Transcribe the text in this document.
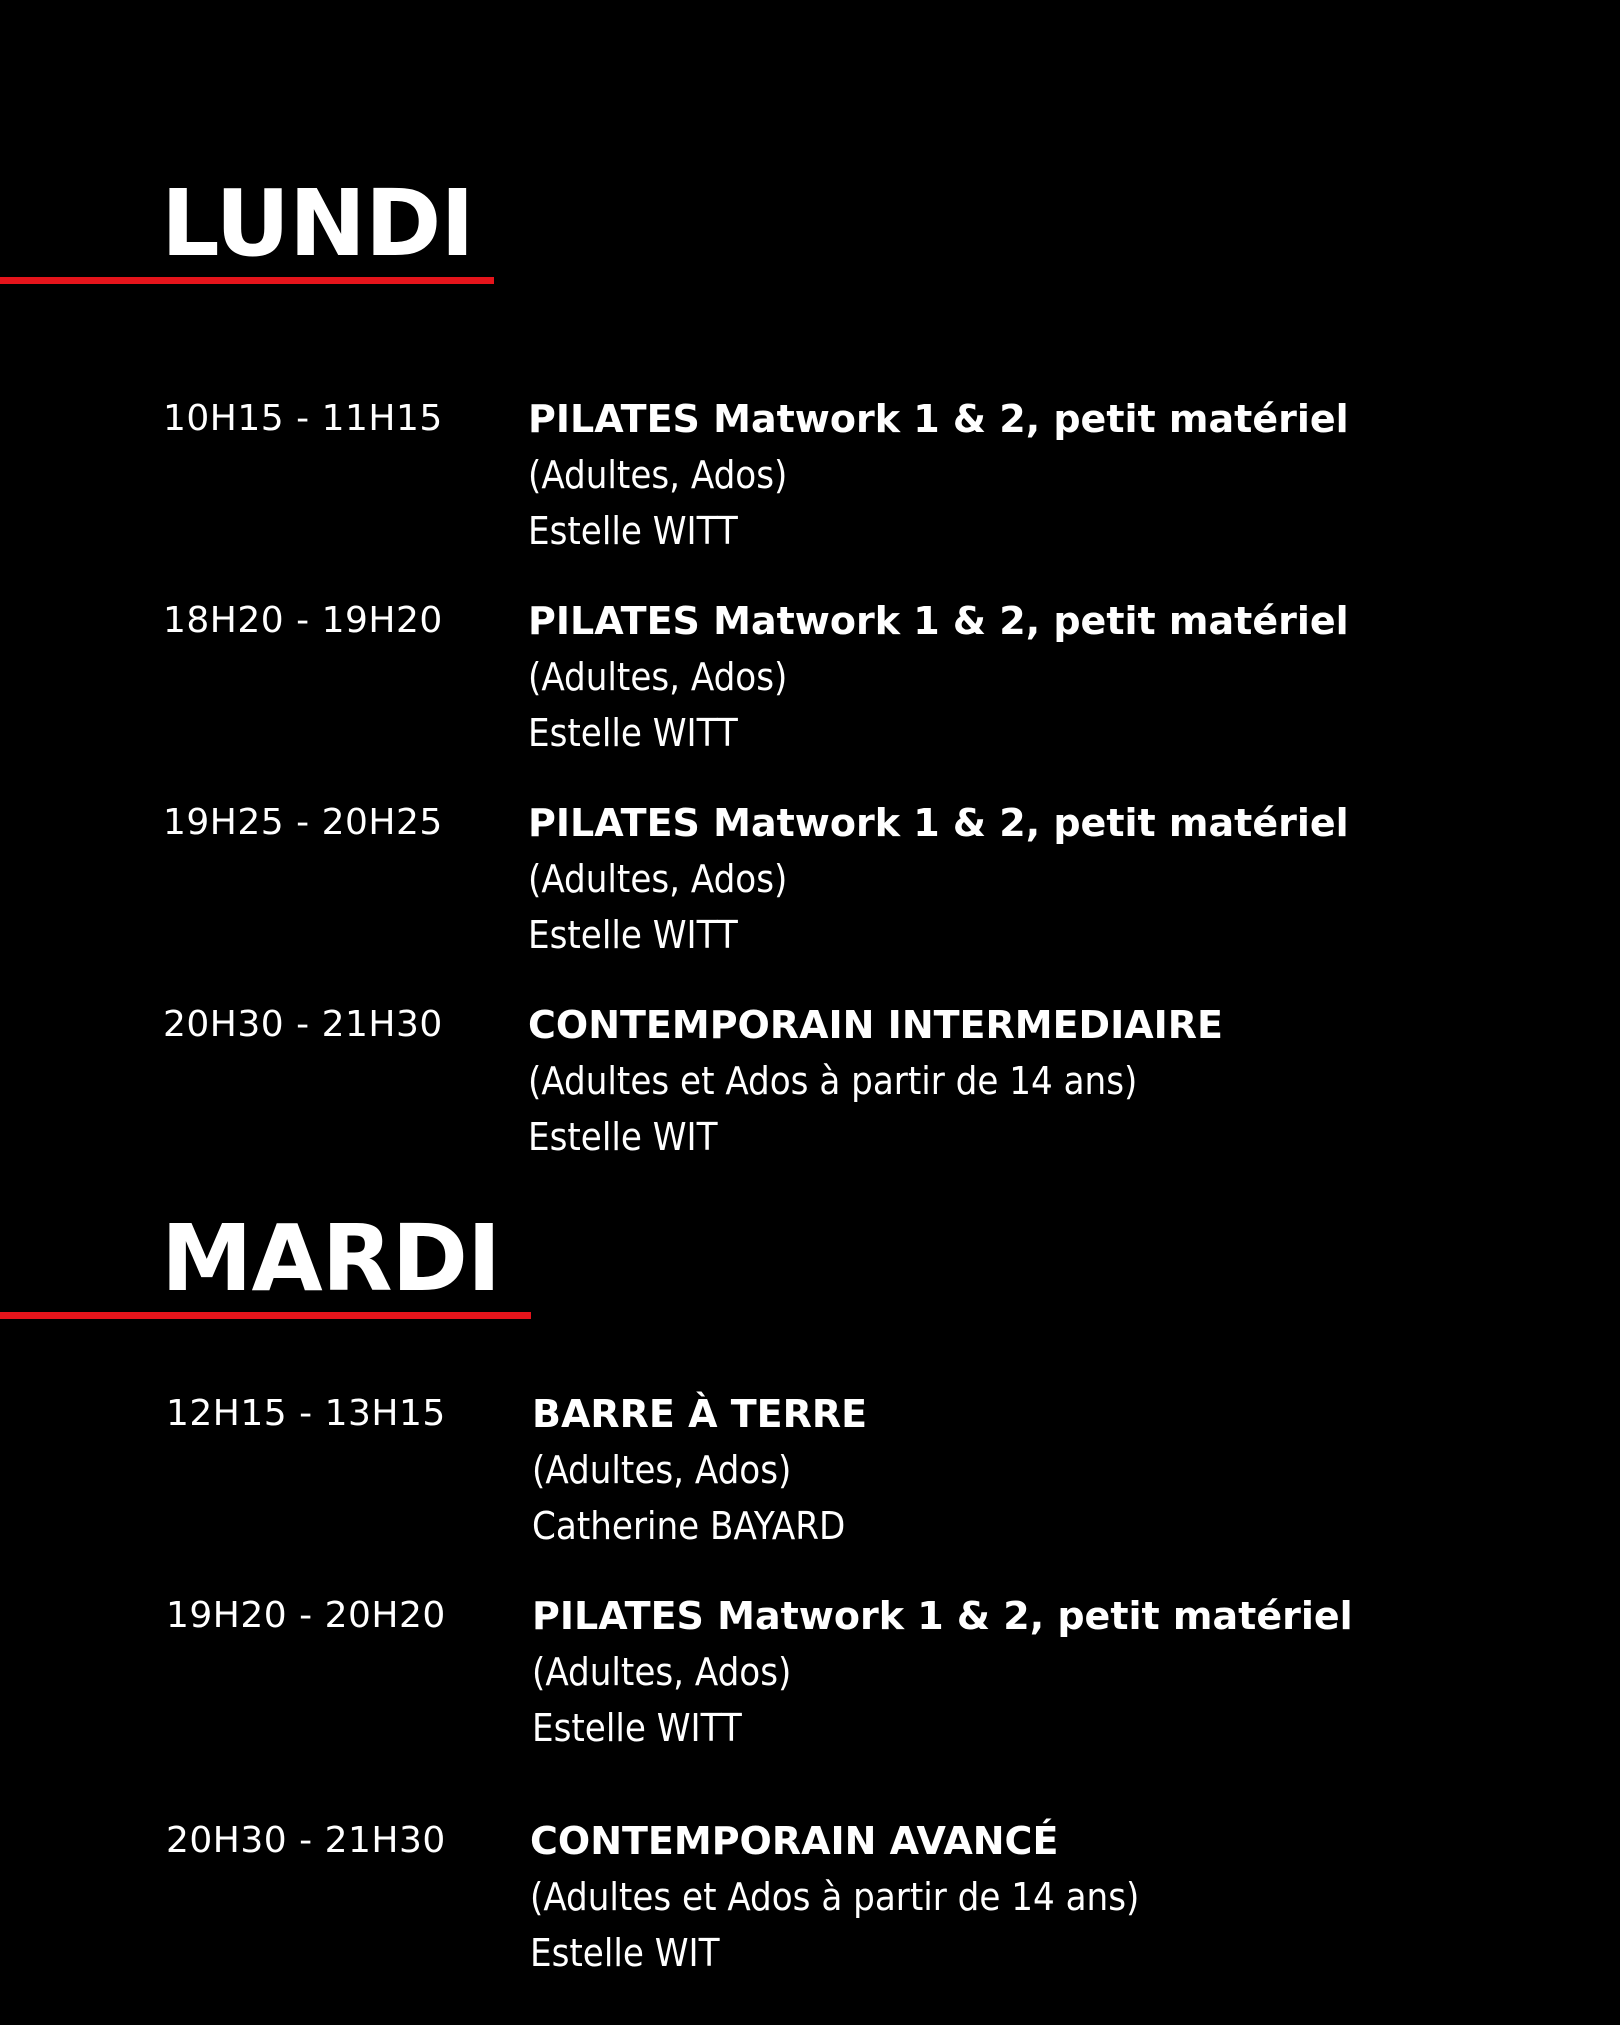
LUNDI
10H15 - 11H15 PILATES Matwork 1 & 2, petit matériel
(Adultes, Ados)
Estelle WITT
18H20 - 19H20 PILATES Matwork 1 & 2, petit matériel
(Adultes, Ados)
Estelle WITT
19H25 - 20H25 PILATES Matwork 1 & 2, petit matériel
(Adultes, Ados)
Estelle WITT
20H30 - 21H30 CONTEMPORAIN INTERMEDIAIRE
(Adultes et Ados à partir de 14 ans)
Estelle WIT
MARDI
12H15 - 13H15 BARRE À TERRE
(Adultes, Ados)
Catherine BAYARD
19H20 - 20H20 PILATES Matwork 1 & 2, petit matériel
(Adultes, Ados)
Estelle WITT
20H30 - 21H30 CONTEMPORAIN AVANCÉ
(Adultes et Ados à partir de 14 ans)
Estelle WIT
